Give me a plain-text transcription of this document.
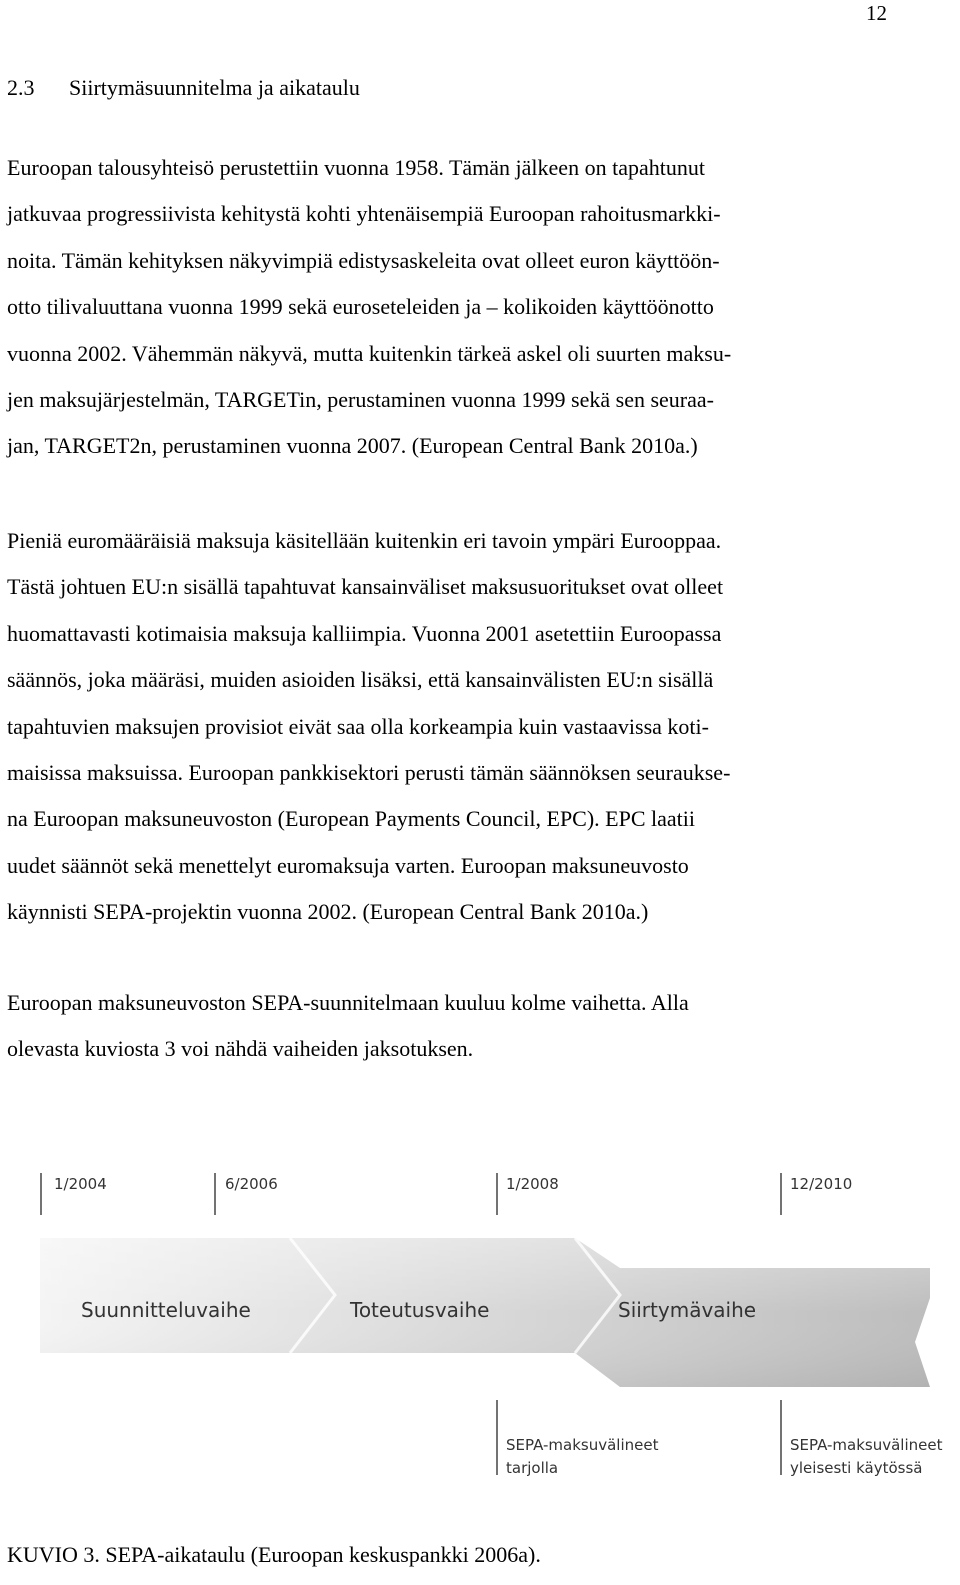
12
2.3 Siirtymäsuunnitelma ja aikataulu
Euroopan talousyhteisö perustettiin vuonna 1958. Tämän jälkeen on tapahtunut
jatkuvaa progressiivista kehitystä kohti yhtenäisempiä Euroopan rahoitusmarkki-
noita. Tämän kehityksen näkyvimpiä edistysaskeleita ovat olleet euron käyttöön-
otto tilivaluuttana vuonna 1999 sekä euroseteleiden ja – kolikoiden käyttöönotto
vuonna 2002. Vähemmän näkyvä, mutta kuitenkin tärkeä askel oli suurten maksu-
jen maksujärjestelmän, TARGETin, perustaminen vuonna 1999 sekä sen seuraa-
jan, TARGET2n, perustaminen vuonna 2007. (European Central Bank 2010a.)
Pieniä euromääräisiä maksuja käsitellään kuitenkin eri tavoin ympäri Eurooppaa.
Tästä johtuen EU:n sisällä tapahtuvat kansainväliset maksusuoritukset ovat olleet
huomattavasti kotimaisia maksuja kalliimpia. Vuonna 2001 asetettiin Euroopassa
säännös, joka määräsi, muiden asioiden lisäksi, että kansainvälisten EU:n sisällä
tapahtuvien maksujen provisiot eivät saa olla korkeampia kuin vastaavissa koti-
maisissa maksuissa. Euroopan pankkisektori perusti tämän säännöksen seuraukse-
na Euroopan maksuneuvoston (European Payments Council, EPC). EPC laatii
uudet säännöt sekä menettelyt euromaksuja varten. Euroopan maksuneuvosto
käynnisti SEPA-projektin vuonna 2002. (European Central Bank 2010a.)
Euroopan maksuneuvoston SEPA-suunnitelmaan kuuluu kolme vaihetta. Alla
olevasta kuviosta 3 voi nähdä vaiheiden jaksotuksen.
1/2004	6/2006	1/2008	12/2010
Suunnitteluvaihe	Toteutusvaihe	Siirtymävaihe
SEPA-maksuvälineet
tarjolla
SEPA-maksuvälineet
yleisesti käytössä
KUVIO 3. SEPA-aikataulu (Euroopan keskuspankki 2006a).
